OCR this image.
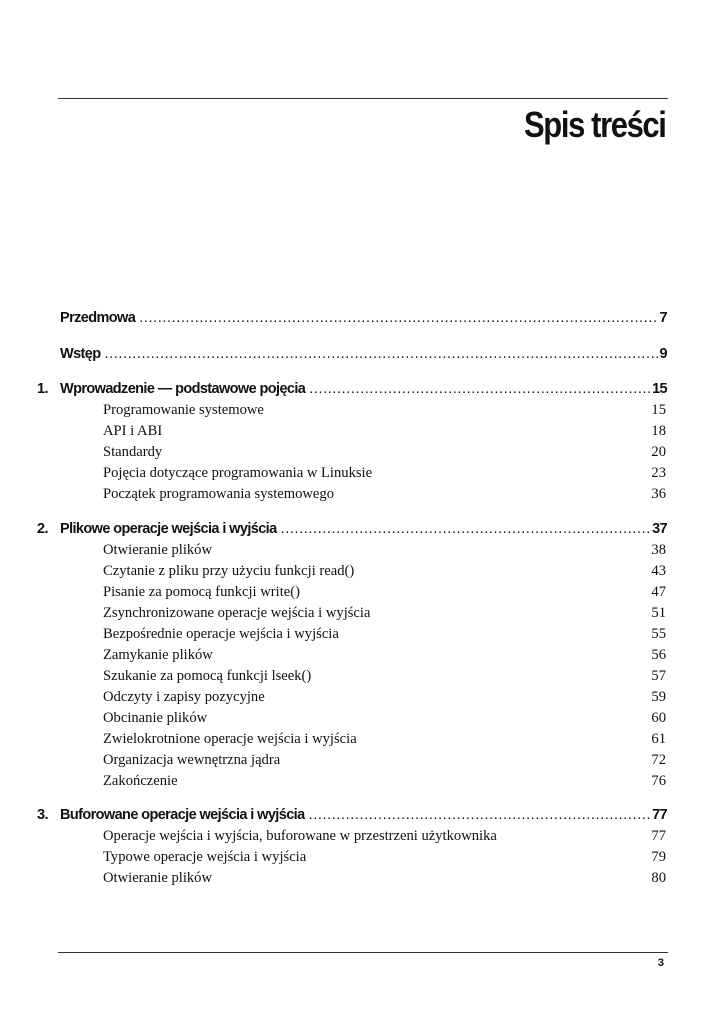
Spis treści
Przedmowa .....	7
Wstęp .....	9
1. Wprowadzenie — podstawowe pojęcia .....	15
Programowanie systemowe	15
API i ABI	18
Standardy	20
Pojęcia dotyczące programowania w Linuksie	23
Początek programowania systemowego	36
2. Plikowe operacje wejścia i wyjścia .....	37
Otwieranie plików	38
Czytanie z pliku przy użyciu funkcji read()	43
Pisanie za pomocą funkcji write()	47
Zsynchronizowane operacje wejścia i wyjścia	51
Bezpośrednie operacje wejścia i wyjścia	55
Zamykanie plików	56
Szukanie za pomocą funkcji lseek()	57
Odczyty i zapisy pozycyjne	59
Obcinanie plików	60
Zwielokrotnione operacje wejścia i wyjścia	61
Organizacja wewnętrzna jądra	72
Zakończenie	76
3. Buforowane operacje wejścia i wyjścia .....	77
Operacje wejścia i wyjścia, buforowane w przestrzeni użytkownika	77
Typowe operacje wejścia i wyjścia	79
Otwieranie plików	80
3
